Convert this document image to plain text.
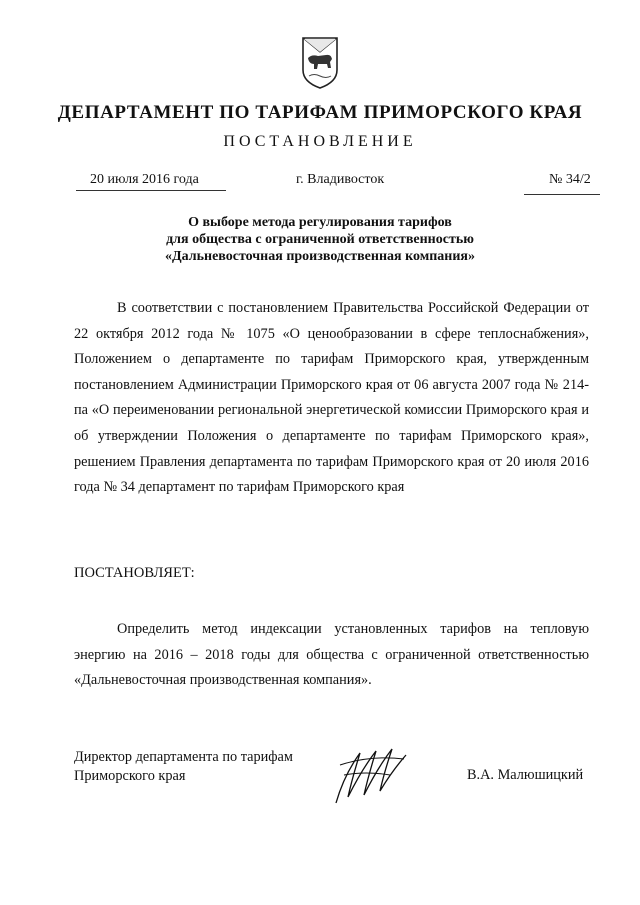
ДЕПАРТАМЕНТ ПО ТАРИФАМ ПРИМОРСКОГО КРАЯ
ПОСТАНОВЛЕНИЕ
20 июля 2016 года	г. Владивосток	№ 34/2
О выборе метода регулирования тарифов
для общества с ограниченной ответственностью
«Дальневосточная производственная компания»
В соответствии с постановлением Правительства Российской Федерации от 22 октября 2012 года № 1075 «О ценообразовании в сфере теплоснабжения», Положением о департаменте по тарифам Приморского края, утвержденным постановлением Администрации Приморского края от 06 августа 2007 года № 214-па «О переименовании региональной энергетической комиссии Приморского края и об утверждении Положения о департаменте по тарифам Приморского края», решением Правления департамента по тарифам Приморского края от 20 июля 2016 года № 34 департамент по тарифам Приморского края
ПОСТАНОВЛЯЕТ:
Определить метод индексации установленных тарифов на тепловую энергию на 2016 – 2018 годы для общества с ограниченной ответственностью «Дальневосточная производственная компания».
Директор департамента по тарифам
Приморского края	В.А. Малюшицкий
